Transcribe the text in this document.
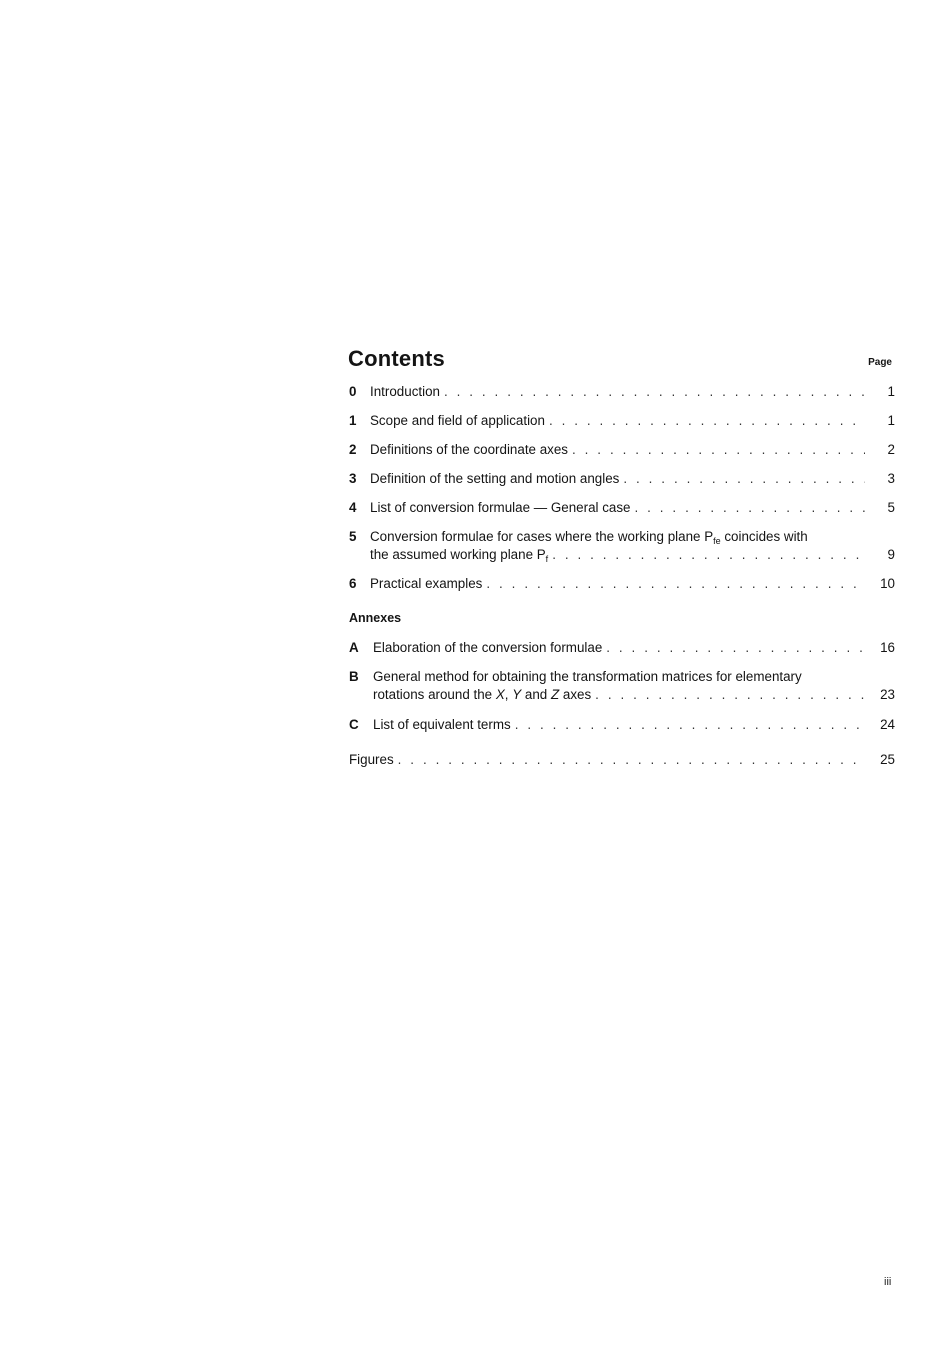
Contents	Page
0	Introduction . . .	1
1	Scope and field of application . . .	1
2	Definitions of the coordinate axes . . .	2
3	Definition of the setting and motion angles . . .	3
4	List of conversion formulae — General case . . .	5
5	Conversion formulae for cases where the working plane $P_{fe}$ coincides with
the assumed working plane $P_f$ . . .	9
6	Practical examples . . .	10
Annexes
A	Elaboration of the conversion formulae . . .	16
B	General method for obtaining the transformation matrices for elementary
rotations around the X, Y and Z axes . . .	23
C	List of equivalent terms . . .	24
Figures . . .	25
iii
